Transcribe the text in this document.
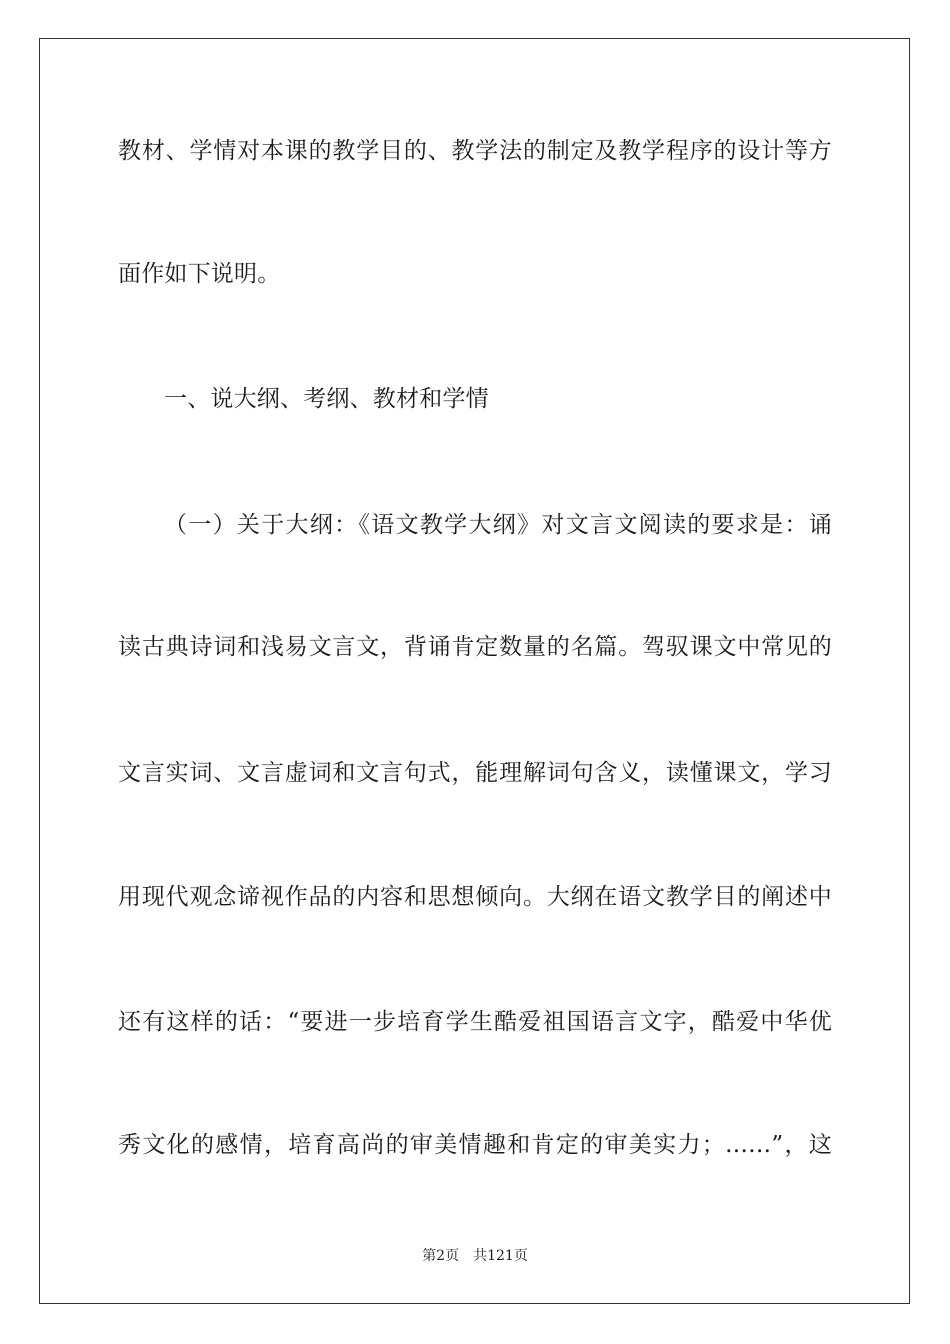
教材、学情对本课的教学目的、教学法的制定及教学程序的设计等方
面作如下说明。
一、说大纲、考纲、教材和学情
（一）关于大纲：《语文教学大纲》对文言文阅读的要求是：诵
读古典诗词和浅易文言文，背诵肯定数量的名篇。驾驭课文中常见的
文言实词、文言虚词和文言句式，能理解词句含义，读懂课文，学习
用现代观念谛视作品的内容和思想倾向。大纲在语文教学目的阐述中
还有这样的话：“要进一步培育学生酷爱祖国语言文字，酷爱中华优
秀文化的感情，培育高尚的审美情趣和肯定的审美实力；……”，这
第2页 共121页
